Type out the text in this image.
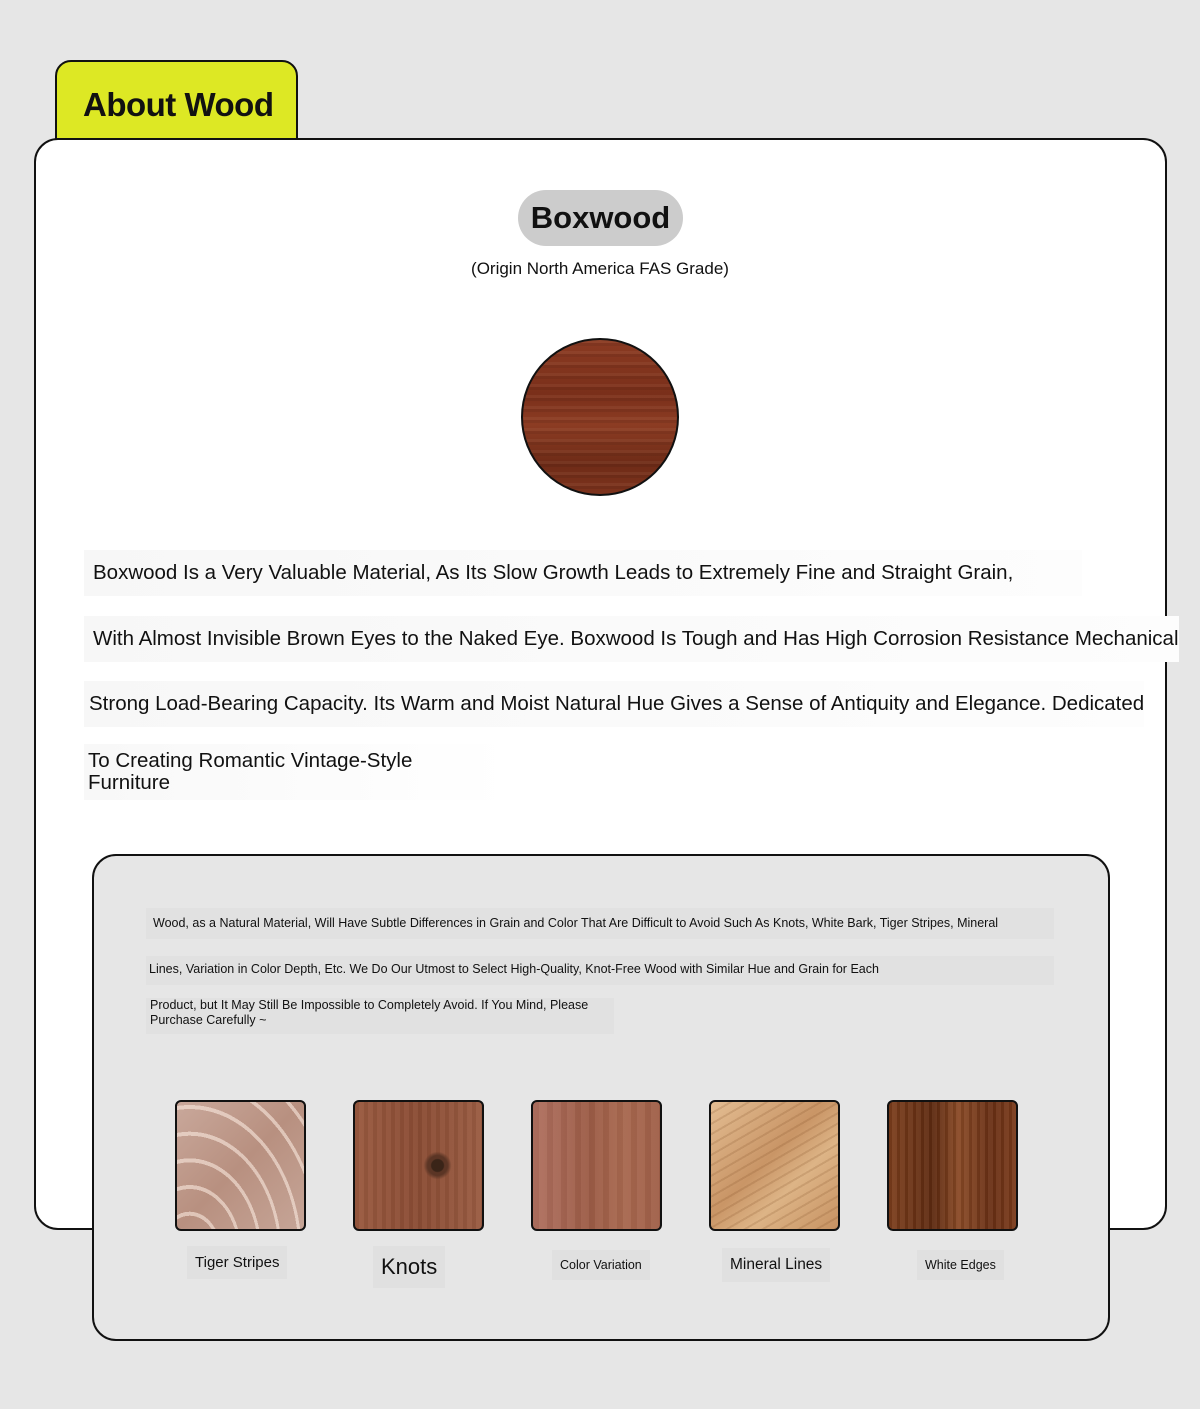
About Wood
Boxwood
(Origin North America FAS Grade)
Boxwood Is a Very Valuable Material, As Its Slow Growth Leads to Extremely Fine and Straight Grain,
With Almost Invisible Brown Eyes to the Naked Eye. Boxwood Is Tough and Has High Corrosion Resistance Mechanical
Strong Load-Bearing Capacity. Its Warm and Moist Natural Hue Gives a Sense of Antiquity and Elegance. Dedicated
To Creating Romantic Vintage-Style
Furniture
Wood, as a Natural Material, Will Have Subtle Differences in Grain and Color That Are Difficult to Avoid Such As Knots, White Bark, Tiger Stripes, Mineral
Lines, Variation in Color Depth, Etc. We Do Our Utmost to Select High-Quality, Knot-Free Wood with Similar Hue and Grain for Each
Product, but It May Still Be Impossible to Completely Avoid. If You Mind, Please
Purchase Carefully ~
Tiger Stripes	Knots	Color Variation	Mineral Lines	White Edges
